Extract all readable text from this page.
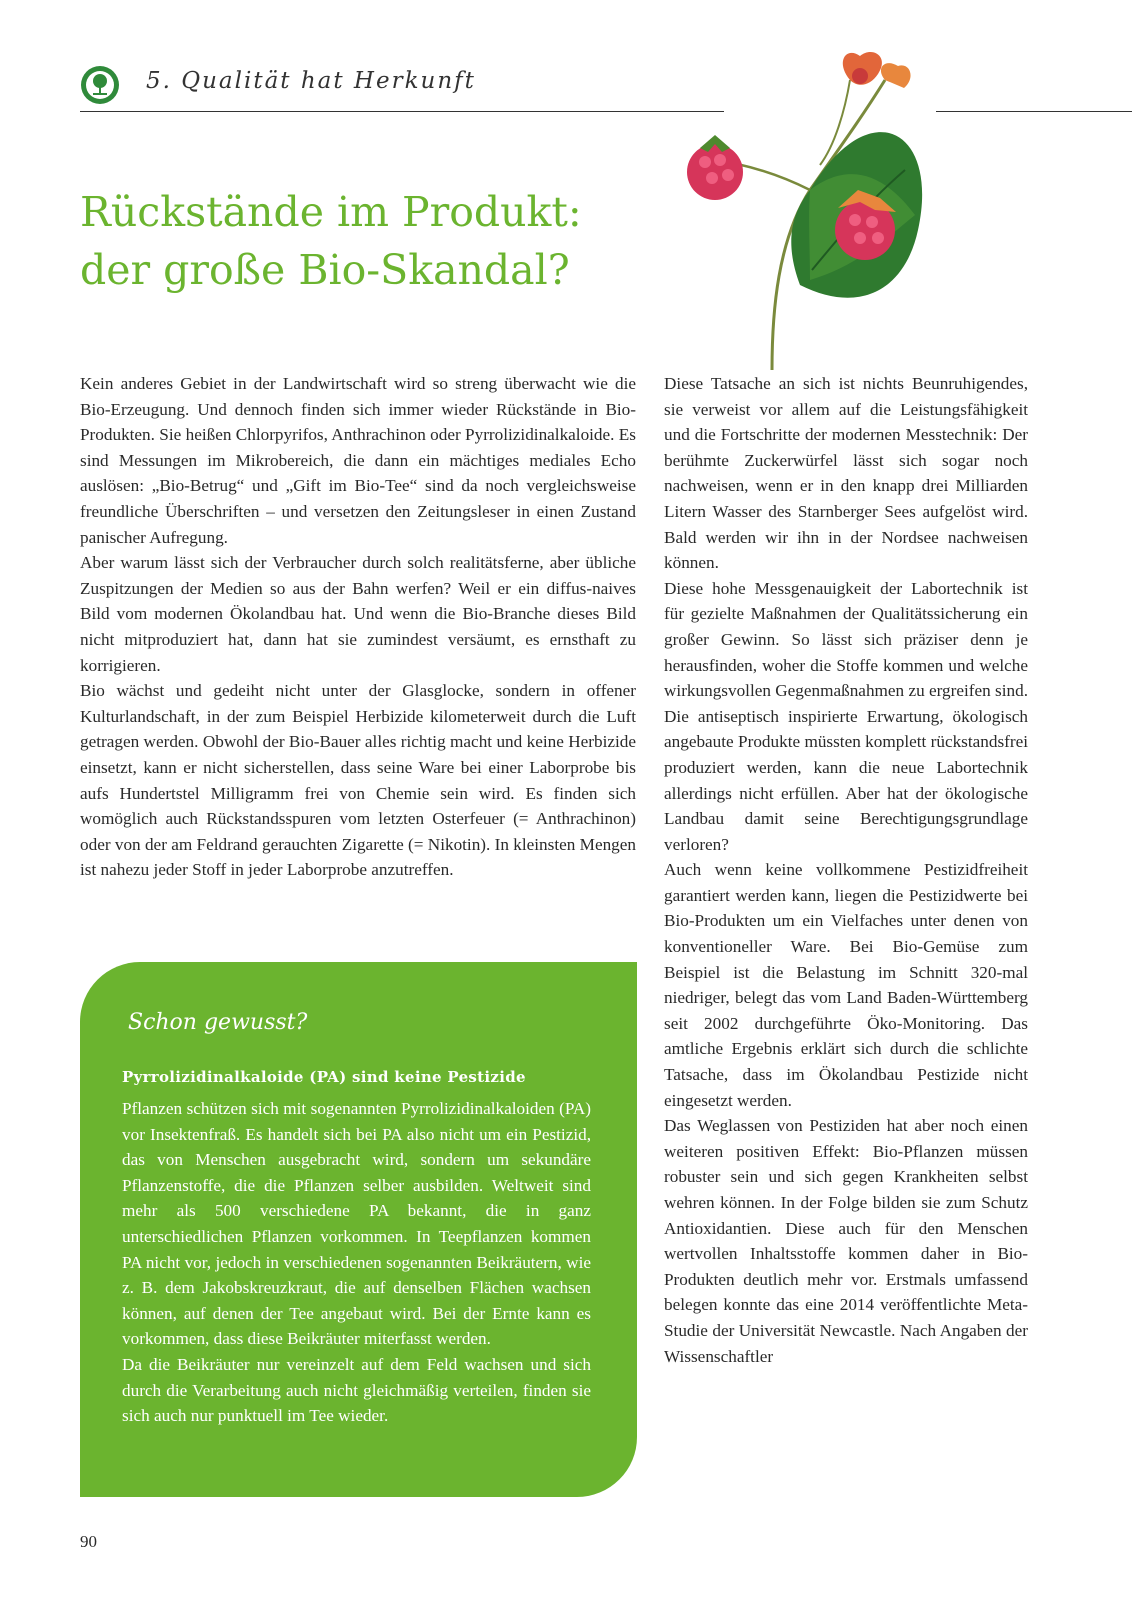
5. Qualität hat Herkunft
Rückstände im Produkt:
der große Bio-Skandal?

Kein anderes Gebiet in der Landwirtschaft wird so streng überwacht wie die Bio-Erzeugung. Und dennoch finden sich immer wieder Rückstände in Bio-Produkten. Sie heißen Chlorpyrifos, Anthrachinon oder Pyrrolizidinalkaloide. Es sind Messungen im Mikrobereich, die dann ein mächtiges mediales Echo auslösen: „Bio-Betrug“ und „Gift im Bio-Tee“ sind da noch vergleichsweise freundliche Überschriften – und versetzen den Zeitungsleser in einen Zustand panischer Aufregung.

Aber warum lässt sich der Verbraucher durch solch realitätsferne, aber übliche Zuspitzungen der Medien so aus der Bahn werfen? Weil er ein diffus-naives Bild vom modernen Ökolandbau hat. Und wenn die Bio-Branche dieses Bild nicht mitproduziert hat, dann hat sie zumindest versäumt, es ernsthaft zu korrigieren.

Bio wächst und gedeiht nicht unter der Glasglocke, sondern in offener Kulturlandschaft, in der zum Beispiel Herbizide kilometerweit durch die Luft getragen werden. Obwohl der Bio-Bauer alles richtig macht und keine Herbizide einsetzt, kann er nicht sicherstellen, dass seine Ware bei einer Laborprobe bis aufs Hundertstel Milligramm frei von Chemie sein wird. Es finden sich womöglich auch Rückstandsspuren vom letzten Osterfeuer (= Anthrachinon) oder von der am Feldrand gerauchten Zigarette (= Nikotin). In kleinsten Mengen ist nahezu jeder Stoff in jeder Laborprobe anzutreffen.

Schon gewusst?
Pyrrolizidinalkaloide (PA) sind keine Pestizide

Pflanzen schützen sich mit sogenannten Pyrrolizidinalkaloiden (PA) vor Insektenfraß. Es handelt sich bei PA also nicht um ein Pestizid, das von Menschen ausgebracht wird, sondern um sekundäre Pflanzenstoffe, die die Pflanzen selber ausbilden. Weltweit sind mehr als 500 verschiedene PA bekannt, die in ganz unterschiedlichen Pflanzen vorkommen. In Teepflanzen kommen PA nicht vor, jedoch in verschiedenen sogenannten Beikräutern, wie z. B. dem Jakobskreuzkraut, die auf denselben Flächen wachsen können, auf denen der Tee angebaut wird. Bei der Ernte kann es vorkommen, dass diese Beikräuter miterfasst werden.

Da die Beikräuter nur vereinzelt auf dem Feld wachsen und sich durch die Verarbeitung auch nicht gleichmäßig verteilen, finden sie sich auch nur punktuell im Tee wieder.

Diese Tatsache an sich ist nichts Beunruhigendes, sie verweist vor allem auf die Leistungsfähigkeit und die Fortschritte der modernen Messtechnik: Der berühmte Zuckerwürfel lässt sich sogar noch nachweisen, wenn er in den knapp drei Milliarden Litern Wasser des Starnberger Sees aufgelöst wird. Bald werden wir ihn in der Nordsee nachweisen können.

Diese hohe Messgenauigkeit der Labortechnik ist für gezielte Maßnahmen der Qualitätssicherung ein großer Gewinn. So lässt sich präziser denn je herausfinden, woher die Stoffe kommen und welche wirkungsvollen Gegenmaßnahmen zu ergreifen sind. Die antiseptisch inspirierte Erwartung, ökologisch angebaute Produkte müssten komplett rückstandsfrei produziert werden, kann die neue Labortechnik allerdings nicht erfüllen. Aber hat der ökologische Landbau damit seine Berechtigungsgrundlage verloren?

Auch wenn keine vollkommene Pestizidfreiheit garantiert werden kann, liegen die Pestizidwerte bei Bio-Produkten um ein Vielfaches unter denen von konventioneller Ware. Bei Bio-Gemüse zum Beispiel ist die Belastung im Schnitt 320-mal niedriger, belegt das vom Land Baden-Württemberg seit 2002 durchgeführte Öko-Monitoring. Das amtliche Ergebnis erklärt sich durch die schlichte Tatsache, dass im Ökolandbau Pestizide nicht eingesetzt werden.

Das Weglassen von Pestiziden hat aber noch einen weiteren positiven Effekt: Bio-Pflanzen müssen robuster sein und sich gegen Krankheiten selbst wehren können. In der Folge bilden sie zum Schutz Antioxidantien. Diese auch für den Menschen wertvollen Inhaltsstoffe kommen daher in Bio-Produkten deutlich mehr vor. Erstmals umfassend belegen konnte das eine 2014 veröffentlichte Meta-Studie der Universität Newcastle. Nach Angaben der Wissenschaftler

90
